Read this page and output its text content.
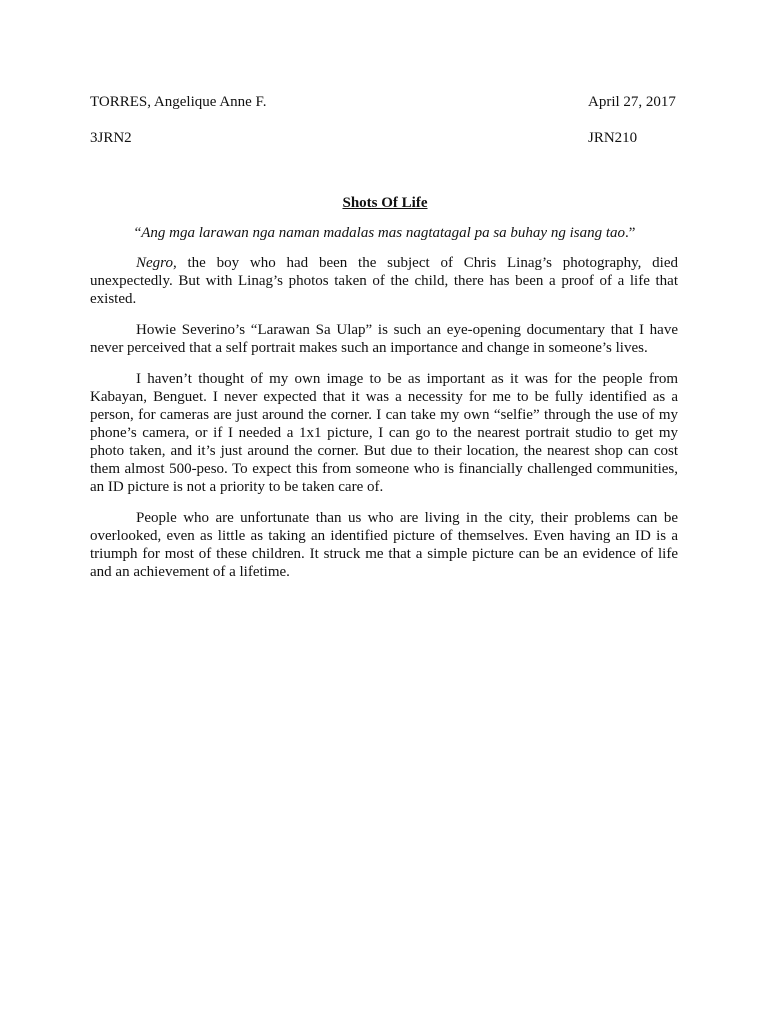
TORRES, Angelique Anne F.	April 27, 2017
3JRN2	JRN210
Shots Of Life
“Ang mga larawan nga naman madalas mas nagtatagal pa sa buhay ng isang tao.”

Negro, the boy who had been the subject of Chris Linag’s photography, died unexpectedly. But with Linag’s photos taken of the child, there has been a proof of a life that existed.

Howie Severino’s “Larawan Sa Ulap” is such an eye-opening documentary that I have never perceived that a self portrait makes such an importance and change in someone’s lives.

I haven’t thought of my own image to be as important as it was for the people from Kabayan, Benguet. I never expected that it was a necessity for me to be fully identified as a person, for cameras are just around the corner. I can take my own “selfie” through the use of my phone’s camera, or if I needed a 1x1 picture, I can go to the nearest portrait studio to get my photo taken, and it’s just around the corner. But due to their location, the nearest shop can cost them almost 500-peso. To expect this from someone who is financially challenged communities, an ID picture is not a priority to be taken care of.

People who are unfortunate than us who are living in the city, their problems can be overlooked, even as little as taking an identified picture of themselves. Even having an ID is a triumph for most of these children. It struck me that a simple picture can be an evidence of life and an achievement of a lifetime.
